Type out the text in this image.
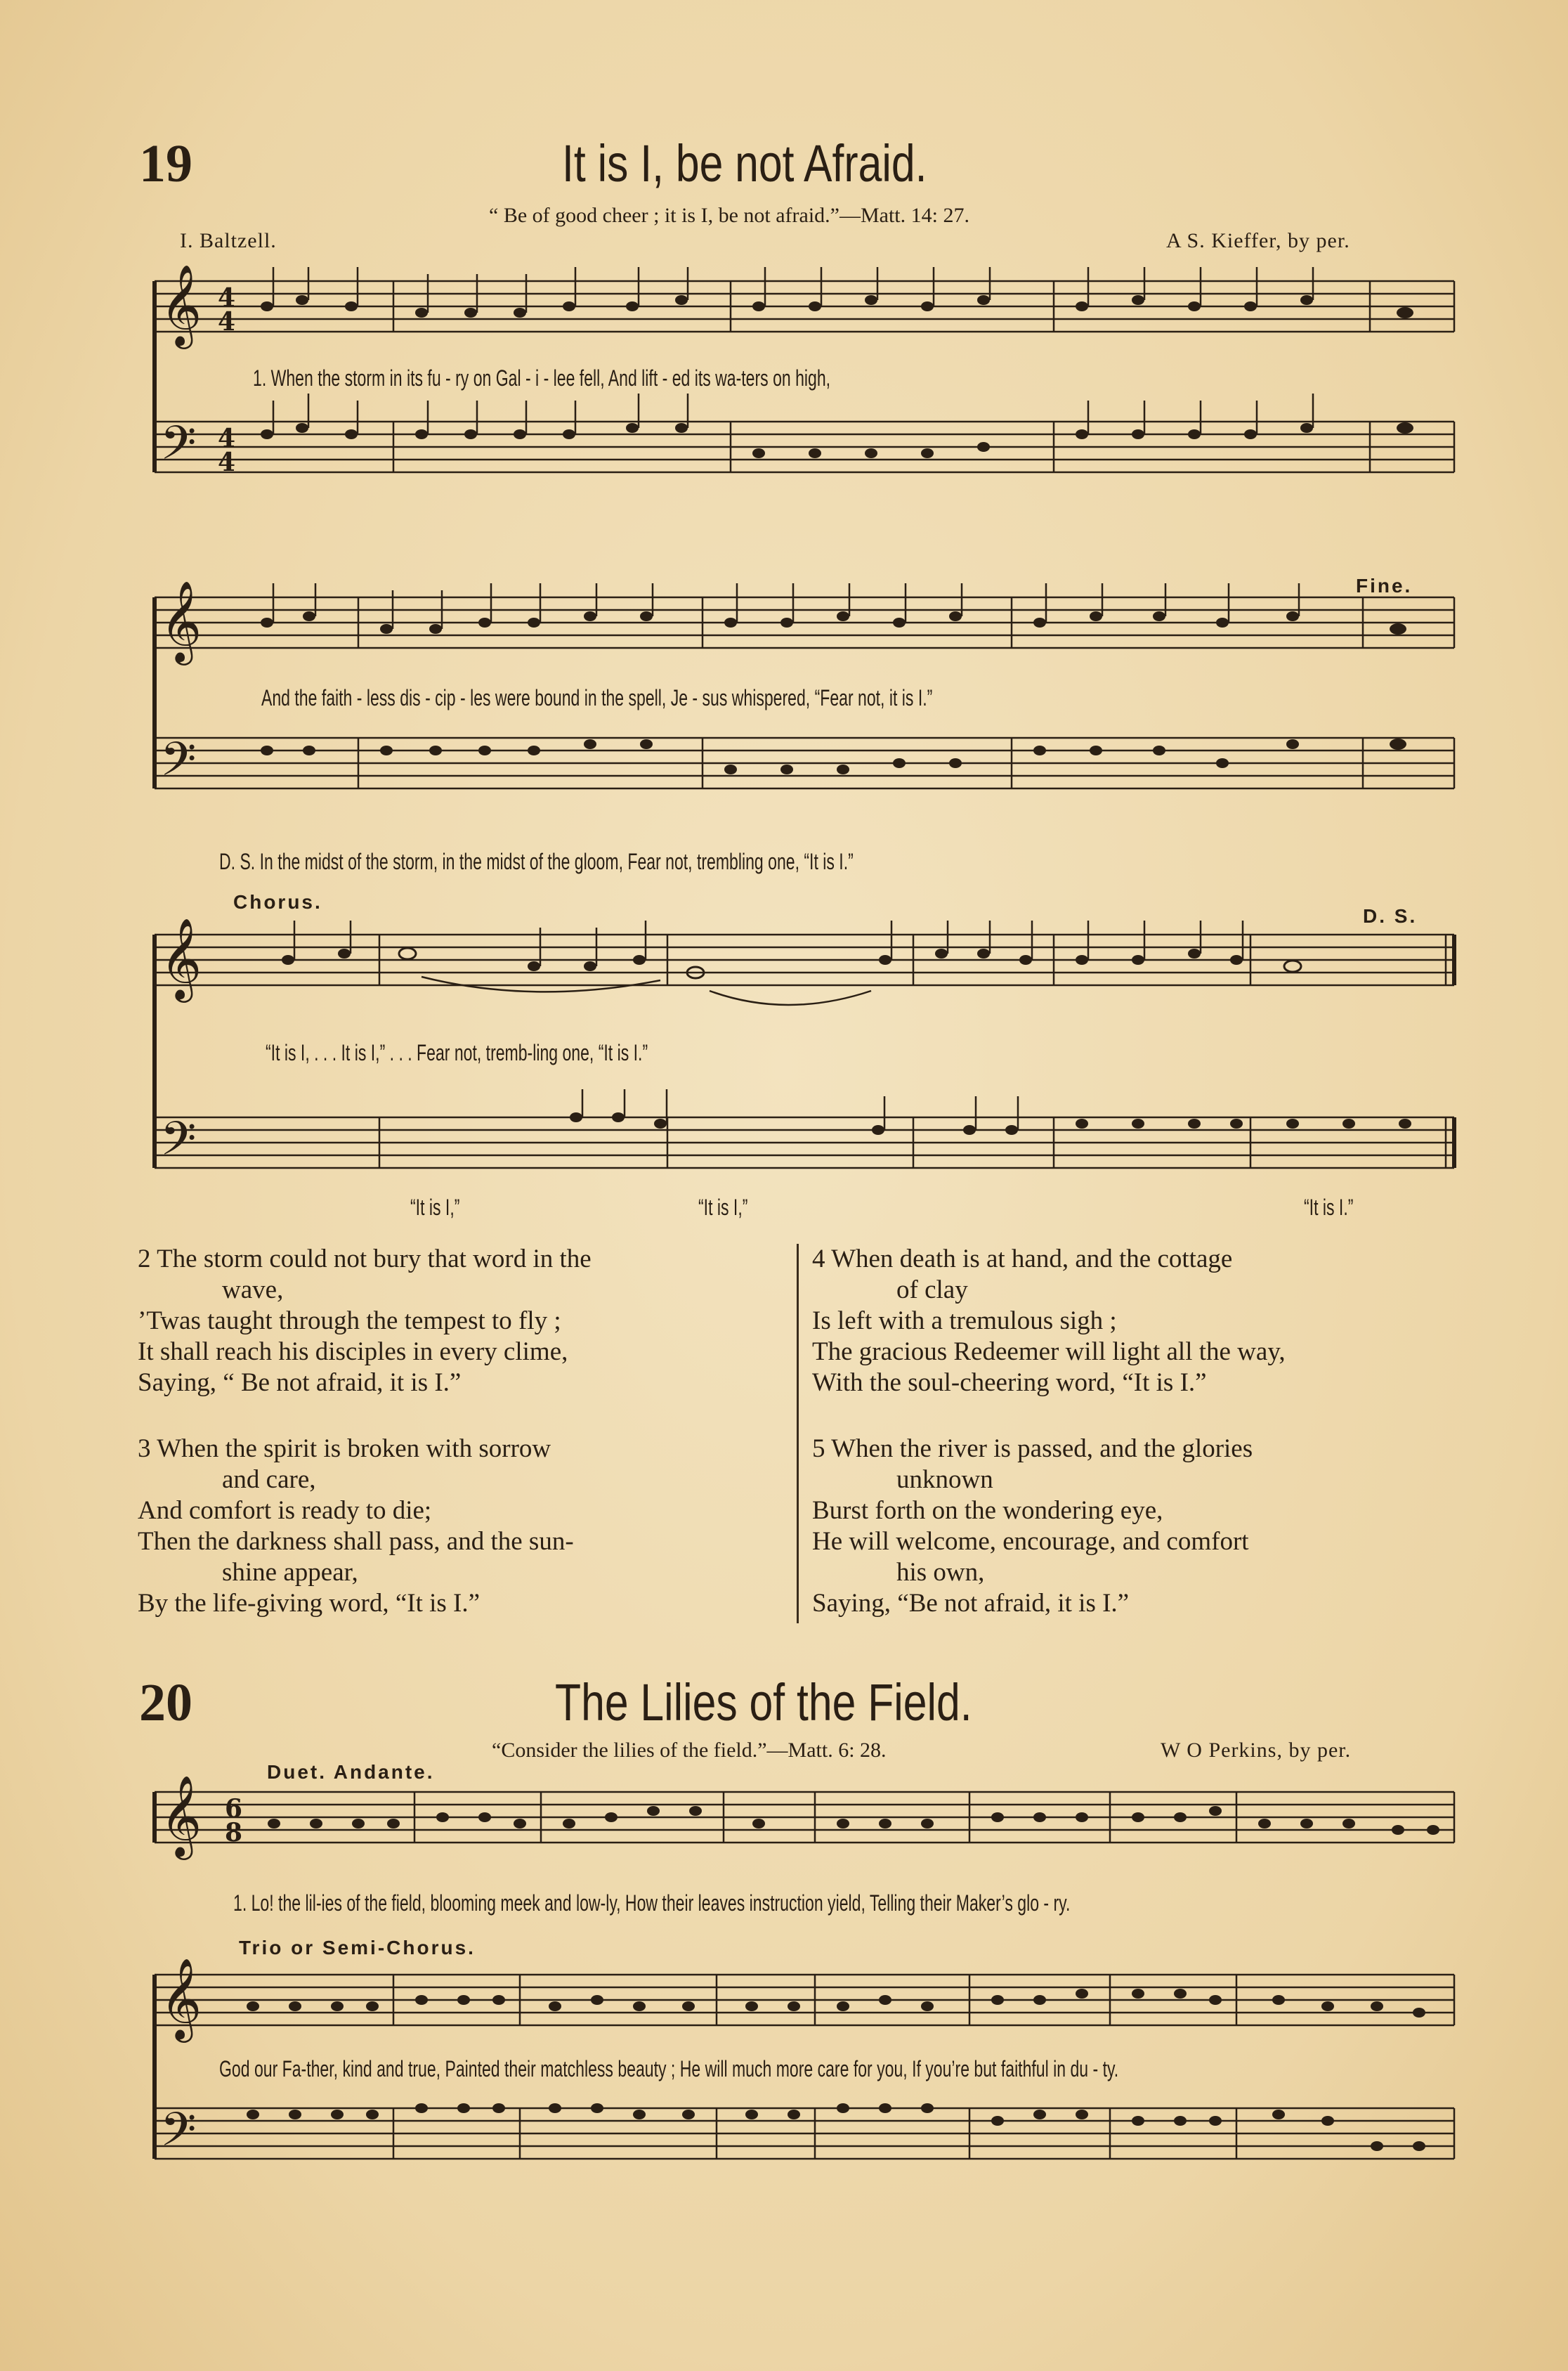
19	It is I, be not Afraid.
“ Be of good cheer ; it is I, be not afraid.”—Matt. 14: 27.
I. Baltzell.	A S. Kieffer, by per.
𝄞
𝄢
4
4
4
4
1. When the storm in its fu - ry on Gal - i - lee fell, And lift - ed its wa-ters on high,
𝄞
𝄢
Fine.
And the faith - less dis - cip - les were bound in the spell, Je - sus whispered, “Fear not, it is I.”
D. S. In the midst of the storm, in the midst of the gloom, Fear not, trembling one, “It is I.”
Chorus.
D. S.
𝄞
𝄢
“It is I, . . . It is I,” . . . Fear not, tremb-ling one, “It is I.”
“It is I,”	“It is I,”	“It is I.”
2 The storm could not bury that word in the
wave,
’Twas taught through the tempest to fly ;
It shall reach his disciples in every clime,
Saying, “ Be not afraid, it is I.”
3 When the spirit is broken with sorrow
and care,
And comfort is ready to die;
Then the darkness shall pass, and the sun-
shine appear,
By the life-giving word, “It is I.”
4 When death is at hand, and the cottage
of clay
Is left with a tremulous sigh ;
The gracious Redeemer will light all the way,
With the soul-cheering word, “It is I.”
5 When the river is passed, and the glories
unknown
Burst forth on the wondering eye,
He will welcome, encourage, and comfort
his own,
Saying, “Be not afraid, it is I.”
20	The Lilies of the Field.
“Consider the lilies of the field.”—Matt. 6: 28.	W O Perkins, by per.
Duet. Andante.
𝄞 6
8
1. Lo! the lil-ies of the field, blooming meek and low-ly, How their leaves instruction yield, Telling their Maker’s glo - ry.
Trio or Semi-Chorus.
𝄞
𝄢
God our Fa-ther, kind and true, Painted their matchless beauty ; He will much more care for you, If you’re but faithful in du - ty.
